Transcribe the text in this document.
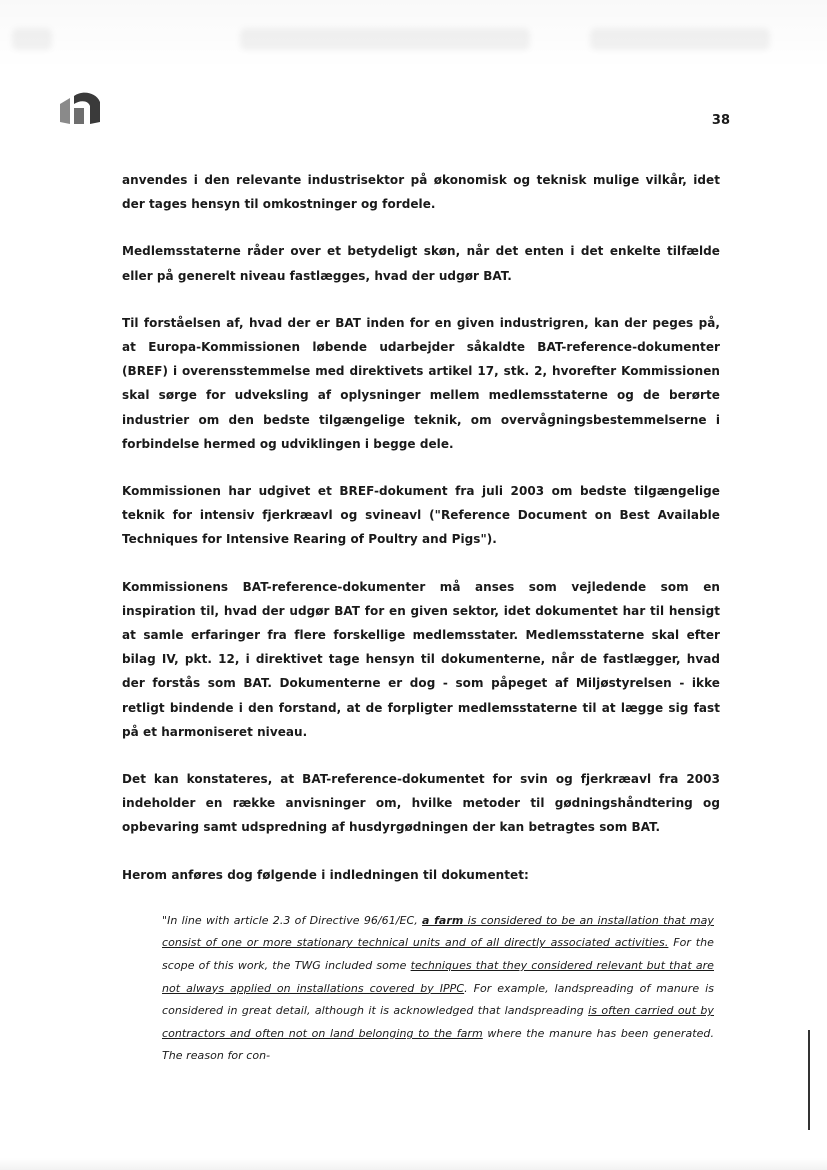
38

anvendes i den relevante industrisektor på økonomisk og teknisk mulige vilkår, idet der tages hensyn til omkostninger og fordele.

Medlemsstaterne råder over et betydeligt skøn, når det enten i det enkelte tilfælde eller på generelt niveau fastlægges, hvad der udgør BAT.

Til forståelsen af, hvad der er BAT inden for en given industrigren, kan der peges på, at Europa-Kommissionen løbende udarbejder såkaldte BAT-reference-dokumenter (BREF) i overensstemmelse med direktivets artikel 17, stk. 2, hvorefter Kommissionen skal sørge for udveksling af oplysninger mellem medlemsstaterne og de berørte industrier om den bedste tilgængelige teknik, om overvågningsbestemmelserne i forbindelse hermed og udviklingen i begge dele.

Kommissionen har udgivet et BREF-dokument fra juli 2003 om bedste tilgængelige teknik for intensiv fjerkræavl og svineavl ("Reference Document on Best Available Techniques for Intensive Rearing of Poultry and Pigs").

Kommissionens BAT-reference-dokumenter må anses som vejledende som en inspiration til, hvad der udgør BAT for en given sektor, idet dokumentet har til hensigt at samle erfaringer fra flere forskellige medlemsstater. Medlemsstaterne skal efter bilag IV, pkt. 12, i direktivet tage hensyn til dokumenterne, når de fastlægger, hvad der forstås som BAT. Dokumenterne er dog - som påpeget af Miljøstyrelsen - ikke retligt bindende i den forstand, at de forpligter medlemsstaterne til at lægge sig fast på et harmoniseret niveau.

Det kan konstateres, at BAT-reference-dokumentet for svin og fjerkræavl fra 2003 indeholder en række anvisninger om, hvilke metoder til gødningshåndtering og opbevaring samt udspredning af husdyrgødningen der kan betragtes som BAT.

Herom anføres dog følgende i indledningen til dokumentet:

"In line with article 2.3 of Directive 96/61/EC, a farm is considered to be an installation that may consist of one or more stationary technical units and of all directly associated activities. For the scope of this work, the TWG included some techniques that they considered relevant but that are not always applied on installations covered by IPPC. For example, landspreading of manure is considered in great detail, although it is acknowledged that landspreading is often carried out by contractors and often not on land belonging to the farm where the manure has been generated. The reason for con-
